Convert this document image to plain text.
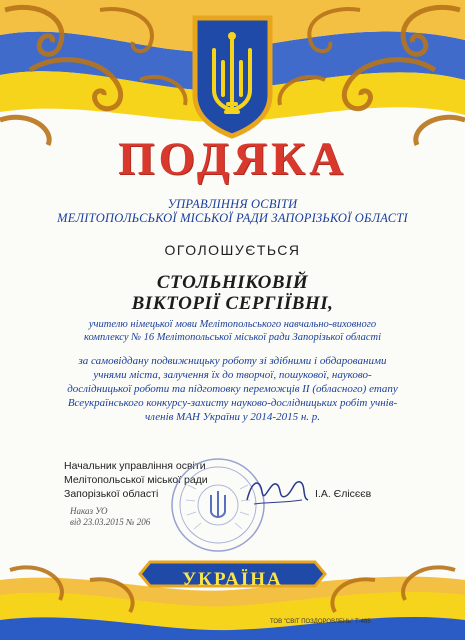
ПОДЯКА
УПРАВЛІННЯ ОСВІТИ
МЕЛІТОПОЛЬСЬКОЇ МІСЬКОЇ РАДИ ЗАПОРІЗЬКОЇ ОБЛАСТІ
ОГОЛОШУЄТЬСЯ
СТОЛЬНІКОВІЙ
ВІКТОРІЇ СЕРГІЇВНІ,
учителю німецької мови Мелітопольського навчально-виховного
комплексу № 16 Мелітопольської міської ради Запорізької області
за самовіддану подвижницьку роботу зі здібними і обдарованими
учнями міста, залучення їх до творчої, пошукової, науково-
дослідницької роботи та підготовку переможців ІІ (обласного) етапу
Всеукраїнського конкурсу-захисту науково-дослідницьких робіт учнів-
членів МАН України у 2014-2015 н. р.
Начальник управління освіти
Мелітопольської міської ради
Запорізької області	І.А. Єлісєєв
Наказ УО
від 23.03.2015 № 206
УКРАЇНА
ТОВ "СВІТ ПОЗДОРОВЛЕНЬ" Т-485
